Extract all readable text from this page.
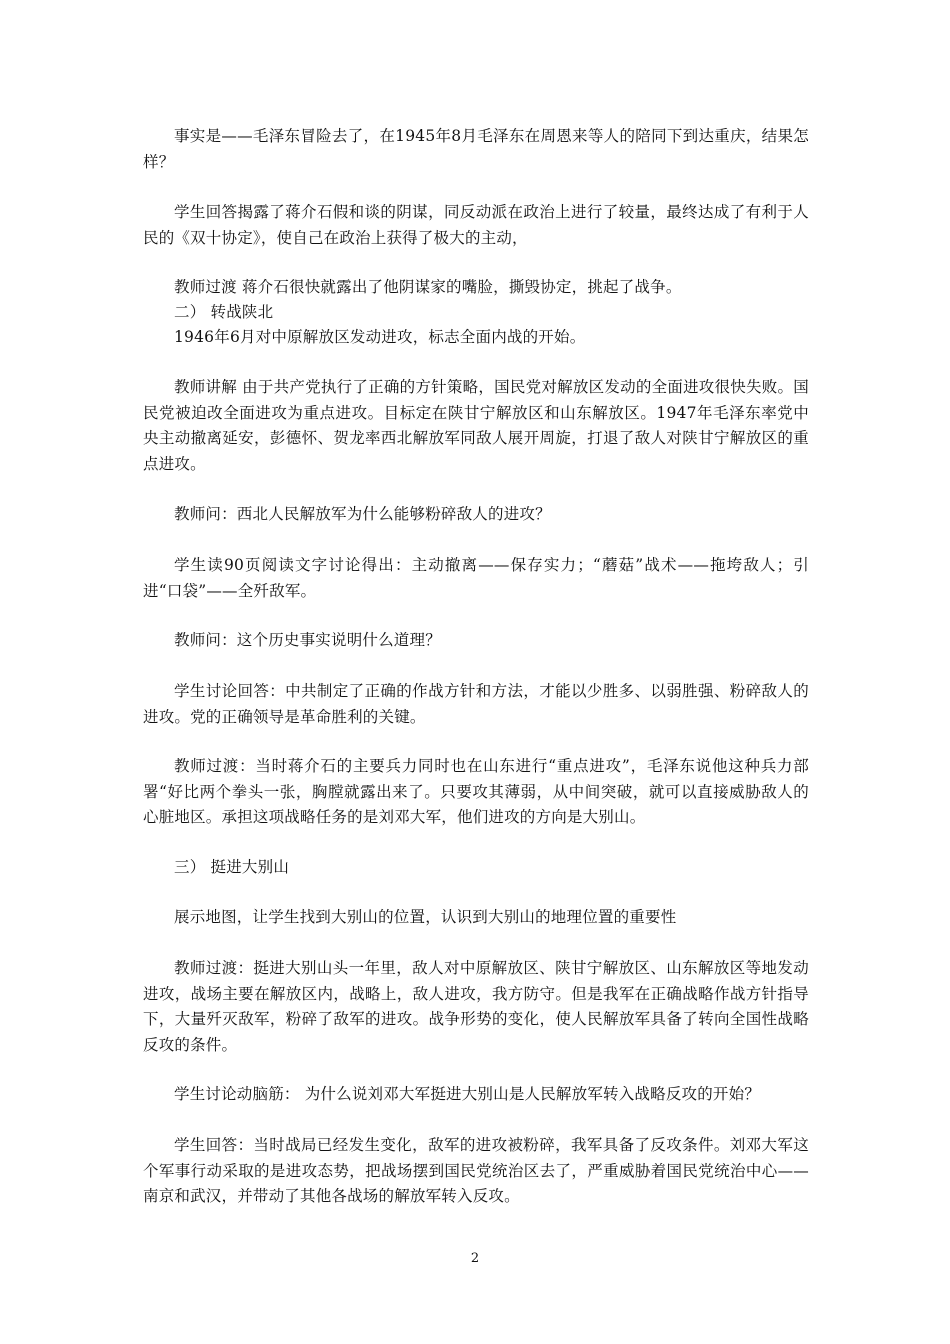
事实是——毛泽东冒险去了，在1945年8月毛泽东在周恩来等人的陪同下到达重庆，结果怎样？

学生回答揭露了蒋介石假和谈的阴谋，同反动派在政治上进行了较量，最终达成了有利于人民的《双十协定》，使自己在政治上获得了极大的主动，

教师过渡 蒋介石很快就露出了他阴谋家的嘴脸，撕毁协定，挑起了战争。

二） 转战陕北

1946年6月对中原解放区发动进攻，标志全面内战的开始。

教师讲解 由于共产党执行了正确的方针策略，国民党对解放区发动的全面进攻很快失败。国民党被迫改全面进攻为重点进攻。目标定在陕甘宁解放区和山东解放区。1947年毛泽东率党中央主动撤离延安，彭德怀、贺龙率西北解放军同敌人展开周旋，打退了敌人对陕甘宁解放区的重点进攻。

教师问：西北人民解放军为什么能够粉碎敌人的进攻？

学生读90页阅读文字讨论得出：主动撤离——保存实力；“蘑菇”战术——拖垮敌人；引进“口袋”——全歼敌军。

教师问：这个历史事实说明什么道理？

学生讨论回答：中共制定了正确的作战方针和方法，才能以少胜多、以弱胜强、粉碎敌人的进攻。党的正确领导是革命胜利的关键。

教师过渡：当时蒋介石的主要兵力同时也在山东进行“重点进攻”，毛泽东说他这种兵力部署“好比两个拳头一张，胸膛就露出来了。只要攻其薄弱，从中间突破，就可以直接威胁敌人的心脏地区。承担这项战略任务的是刘邓大军，他们进攻的方向是大别山。

三） 挺进大别山

展示地图，让学生找到大别山的位置，认识到大别山的地理位置的重要性

教师过渡：挺进大别山头一年里，敌人对中原解放区、陕甘宁解放区、山东解放区等地发动进攻，战场主要在解放区内，战略上，敌人进攻，我方防守。但是我军在正确战略作战方针指导下，大量歼灭敌军，粉碎了敌军的进攻。战争形势的变化，使人民解放军具备了转向全国性战略反攻的条件。

学生讨论动脑筋： 为什么说刘邓大军挺进大别山是人民解放军转入战略反攻的开始？

学生回答：当时战局已经发生变化，敌军的进攻被粉碎，我军具备了反攻条件。刘邓大军这个军事行动采取的是进攻态势，把战场摆到国民党统治区去了，严重威胁着国民党统治中心——南京和武汉，并带动了其他各战场的解放军转入反攻。

2
